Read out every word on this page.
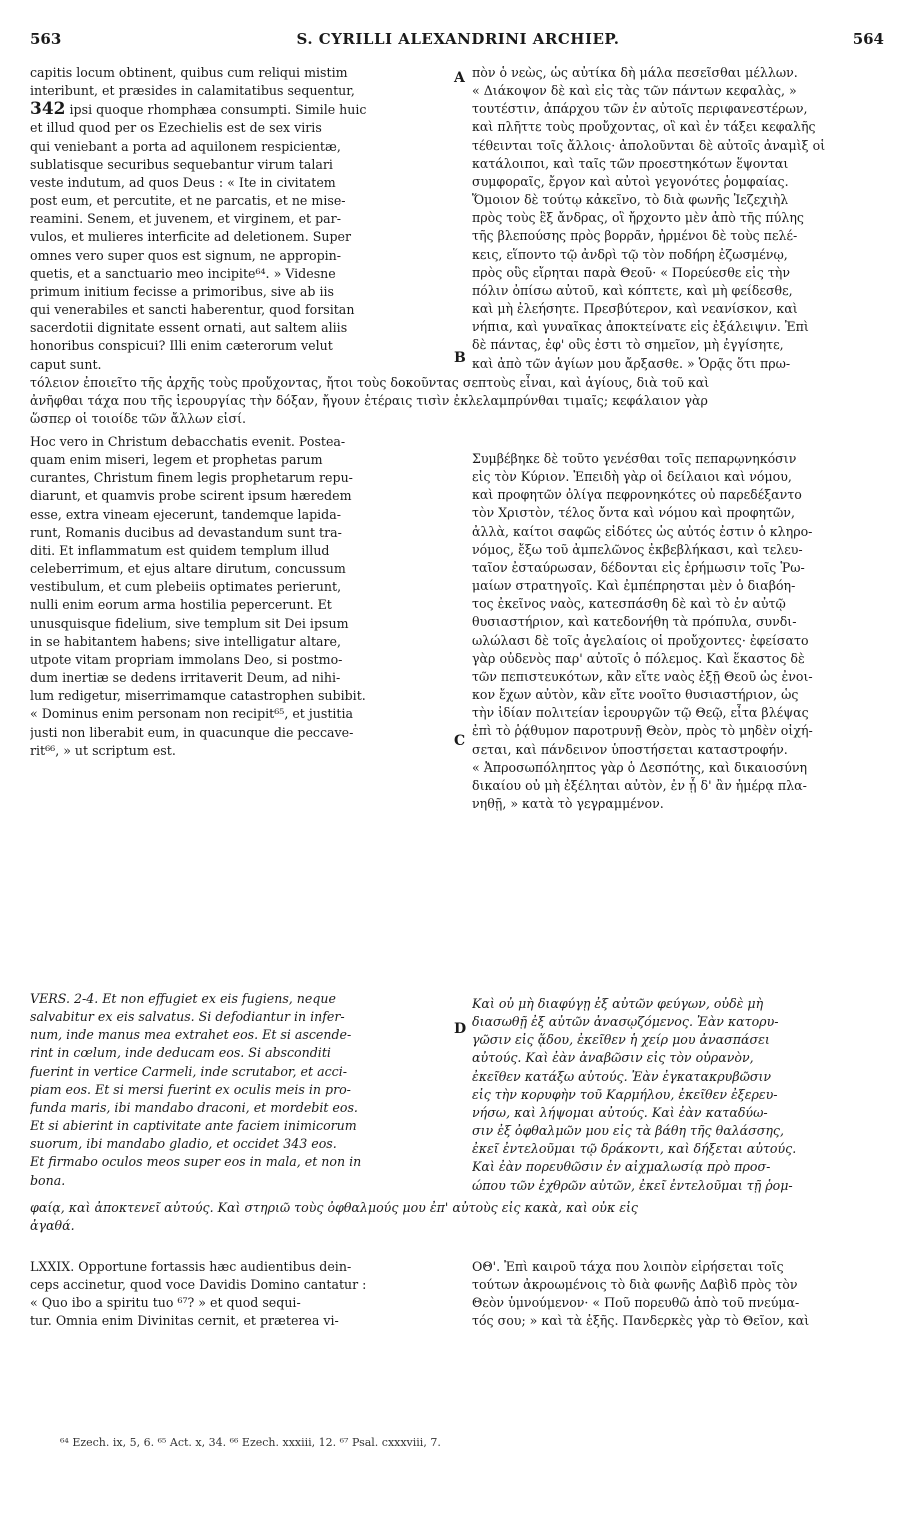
563	S. CYRILLI ALEXANDRINI ARCHIEP.	564
A
B
C
D
capitis locum obtinent, quibus cum reliqui mistim
interibunt, et præsides in calamitatibus sequentur,
342 ipsi quoque rhomphæa consumpti. Simile huic
et illud quod per os Ezechielis est de sex viris
qui veniebant a porta ad aquilonem respicientæ,
sublatisque securibus sequebantur virum talari
veste indutum, ad quos Deus : « Ite in civitatem
post eum, et percutite, et ne parcatis, et ne mise-
reamini. Senem, et juvenem, et virginem, et par-
vulos, et mulieres interficite ad deletionem. Super
omnes vero super quos est signum, ne appropin-
quetis, et a sanctuario meo incipite⁶⁴. » Videsne
primum initium fecisse a primoribus, sive ab iis
qui venerabiles et sancti haberentur, quod forsitan
sacerdotii dignitate essent ornati, aut saltem aliis
honoribus conspicui? Illi enim cæterorum velut
caput sunt.
πὸν ὁ νεὼς, ὡς αὐτίκα δὴ μάλα πεσεῖσθαι μέλλων.
« Διάκοψον δὲ καὶ εἰς τὰς τῶν πάντων κεφαλὰς, »
τουτέστιν, ἀπάρχου τῶν ἐν αὐτοῖς περιφανεστέρων,
καὶ πλῆττε τοὺς προὔχοντας, οἳ καὶ ἐν τάξει κεφαλῆς
τέθεινται τοῖς ἄλλοις· ἀπολοῦνται δὲ αὐτοῖς ἀναμὶξ οἱ
κατάλοιποι, καὶ ταῖς τῶν προεστηκότων ἕψονται
συμφοραῖς, ἔργον καὶ αὐτοὶ γεγονότες ῥομφαίας.
Ὅμοιον δὲ τούτῳ κἀκεῖνο, τὸ διὰ φωνῆς Ἰεζεχιὴλ
πρὸς τοὺς ἓξ ἄνδρας, οἳ ἤρχοντο μὲν ἀπὸ τῆς πύλης
τῆς βλεπούσης πρὸς βορρᾶν, ἠρμένοι δὲ τοὺς πελέ-
κεις, εἵποντο τῷ ἀνδρὶ τῷ τὸν ποδήρη ἐζωσμένῳ,
πρὸς οὓς εἴρηται παρὰ Θεοῦ· « Πορεύεσθε εἰς τὴν
πόλιν ὀπίσω αὐτοῦ, καὶ κόπτετε, καὶ μὴ φείδεσθε,
καὶ μὴ ἐλεήσητε. Πρεσβύτερον, καὶ νεανίσκον, καὶ
νήπια, καὶ γυναῖκας ἀποκτείνατε εἰς ἐξάλειψιν. Ἐπὶ
δὲ πάντας, ἐφ' οὓς ἐστι τὸ σημεῖον, μὴ ἐγγίσητε,
καὶ ἀπὸ τῶν ἁγίων μου ἄρξασθε. » Ὁρᾷς ὅτι πρω-
τόλειον ἐποιεῖτο τῆς ἀρχῆς τοὺς προὔχοντας, ἤτοι τοὺς δοκοῦντας σεπτοὺς εἶναι, καὶ ἁγίους, διὰ τοῦ καὶ
ἀνῆφθαι τάχα που τῆς ἱερουργίας τὴν δόξαν, ἤγουν ἑτέραις τισὶν ἐκλελαμπρύνθαι τιμαῖς; κεφάλαιον γὰρ
ὥσπερ οἱ τοιοίδε τῶν ἄλλων εἰσί.
Hoc vero in Christum debacchatis evenit. Postea-
quam enim miseri, legem et prophetas parum
curantes, Christum finem legis prophetarum repu-
diarunt, et quamvis probe scirent ipsum hæredem
esse, extra vineam ejecerunt, tandemque lapida-
runt, Romanis ducibus ad devastandum sunt tra-
diti. Et inflammatum est quidem templum illud
celeberrimum, et ejus altare dirutum, concussum
vestibulum, et cum plebeiis optimates perierunt,
nulli enim eorum arma hostilia pepercerunt. Et
unusquisque fidelium, sive templum sit Dei ipsum
in se habitantem habens; sive intelligatur altare,
utpote vitam propriam immolans Deo, si postmo-
dum inertiæ se dedens irritaverit Deum, ad nihi-
lum redigetur, miserrimamque catastrophen subibit.
« Dominus enim personam non recipit⁶⁵, et justitia
justi non liberabit eum, in quacunque die peccave-
rit⁶⁶, » ut scriptum est.
Συμβέβηκε δὲ τοῦτο γενέσθαι τοῖς πεπαρῳνηκόσιν
εἰς τὸν Κύριον. Ἐπειδὴ γὰρ οἱ δείλαιοι καὶ νόμου,
καὶ προφητῶν ὀλίγα πεφρονηκότες οὐ παρεδέξαντο
τὸν Χριστὸν, τέλος ὄντα καὶ νόμου καὶ προφητῶν,
ἀλλὰ, καίτοι σαφῶς εἰδότες ὡς αὐτός ἐστιν ὁ κληρο-
νόμος, ἔξω τοῦ ἀμπελῶνος ἐκβεβλήκασι, καὶ τελευ-
ταῖον ἐσταύρωσαν, δέδονται εἰς ἐρήμωσιν τοῖς Ῥω-
μαίων στρατηγοῖς. Καὶ ἐμπέπρησται μὲν ὁ διαβόη-
τος ἐκεῖνος ναὸς, κατεσπάσθη δὲ καὶ τὸ ἐν αὐτῷ
θυσιαστήριον, καὶ κατεδονήθη τὰ πρόπυλα, συνδι-
ωλώλασι δὲ τοῖς ἀγελαίοις οἱ προὔχοντες· ἐφείσατο
γὰρ οὐδενὸς παρ' αὐτοῖς ὁ πόλεμος. Καὶ ἕκαστος δὲ
τῶν πεπιστευκότων, κἂν εἴτε ναὸς ἐξῇ Θεοῦ ὡς ἐνοι-
κον ἔχων αὐτὸν, κἂν εἴτε νοοῖτο θυσιαστήριον, ὡς
τὴν ἰδίαν πολιτείαν ἱερουργῶν τῷ Θεῷ, εἶτα βλέψας
ἐπὶ τὸ ῥᾴθυμον παροτρυνῇ Θεὸν, πρὸς τὸ μηδὲν οἰχή-
σεται, καὶ πάνδεινον ὑποστήσεται καταστροφήν.
« Ἀπροσωπόληπτος γὰρ ὁ Δεσπότης, καὶ δικαιοσύνη
δικαίου οὐ μὴ ἐξέληται αὐτὸν, ἐν ᾗ δ' ἂν ἡμέρᾳ πλα-
νηθῇ, » κατὰ τὸ γεγραμμένον.
VERS. 2-4. Et non effugiet ex eis fugiens, neque
salvabitur ex eis salvatus. Si defodiantur in infer-
num, inde manus mea extrahet eos. Et si ascende-
rint in cœlum, inde deducam eos. Si absconditi
fuerint in vertice Carmeli, inde scrutabor, et acci-
piam eos. Et si mersi fuerint ex oculis meis in pro-
funda maris, ibi mandabo draconi, et mordebit eos.
Et si abierint in captivitate ante faciem inimicorum
suorum, ibi mandabo gladio, et occidet 343 eos.
Et firmabo oculos meos super eos in mala, et non in
bona.
Καὶ οὐ μὴ διαφύγῃ ἐξ αὐτῶν φεύγων, οὐδὲ μὴ
διασωθῇ ἐξ αὐτῶν ἀνασῳζόμενος. Ἐὰν κατορυ-
γῶσιν εἰς ᾅδου, ἐκεῖθεν ἡ χείρ μου ἀνασπάσει
αὐτούς. Καὶ ἐὰν ἀναβῶσιν εἰς τὸν οὐρανὸν,
ἐκεῖθεν κατάξω αὐτούς. Ἐὰν ἐγκατακρυβῶσιν
εἰς τὴν κορυφὴν τοῦ Καρμήλου, ἐκεῖθεν ἐξερευ-
νήσω, καὶ λήψομαι αὐτούς. Καὶ ἐὰν καταδύω-
σιν ἐξ ὀφθαλμῶν μου εἰς τὰ βάθη τῆς θαλάσσης,
ἐκεῖ ἐντελοῦμαι τῷ δράκοντι, καὶ δήξεται αὐτούς.
Καὶ ἐὰν πορευθῶσιν ἐν αἰχμαλωσίᾳ πρὸ προσ-
ώπου τῶν ἐχθρῶν αὐτῶν, ἐκεῖ ἐντελοῦμαι τῇ ῥομ-
φαίᾳ, καὶ ἀποκτενεῖ αὐτούς. Καὶ στηριῶ τοὺς ὀφθαλμούς μου ἐπ' αὐτοὺς εἰς κακὰ, καὶ οὐκ εἰς
ἀγαθά.
LXXIX. Opportune fortassis hæc audientibus dein-
ceps accinetur, quod voce Davidis Domino cantatur :
« Quo ibo a spiritu tuo ⁶⁷? » et quod sequi-
tur. Omnia enim Divinitas cernit, et præterea vi-
ΟΘ'. Ἐπὶ καιροῦ τάχα που λοιπὸν εἰρήσεται τοῖς
τούτων ἀκροωμένοις τὸ διὰ φωνῆς Δαβὶδ πρὸς τὸν
Θεὸν ὑμνούμενον· « Ποῦ πορευθῶ ἀπὸ τοῦ πνεύμα-
τός σου; » καὶ τὰ ἑξῆς. Πανδερκὲς γὰρ τὸ Θεῖον, καὶ
⁶⁴ Ezech. ix, 5, 6. ⁶⁵ Act. x, 34. ⁶⁶ Ezech. xxxiii, 12. ⁶⁷ Psal. cxxxviii, 7.
